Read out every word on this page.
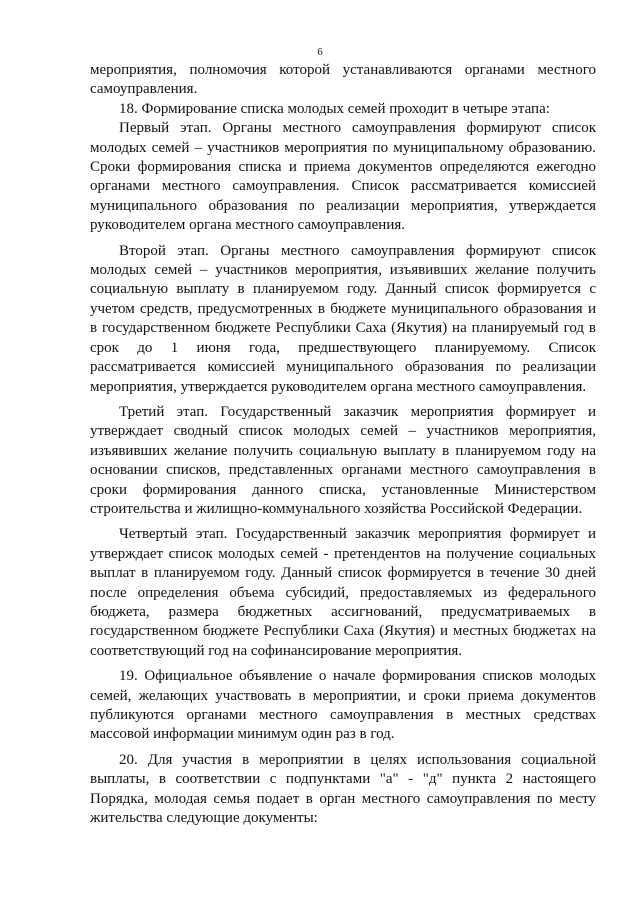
6

мероприятия, полномочия которой устанавливаются органами местного самоуправления.

18. Формирование списка молодых семей проходит в четыре этапа:

Первый этап. Органы местного самоуправления формируют список молодых семей – участников мероприятия по муниципальному образованию. Сроки формирования списка и приема документов определяются ежегодно органами местного самоуправления. Список рассматривается комиссией муниципального образования по реализации мероприятия, утверждается руководителем органа местного самоуправления.

Второй этап. Органы местного самоуправления формируют список молодых семей – участников мероприятия, изъявивших желание получить социальную выплату в планируемом году. Данный список формируется с учетом средств, предусмотренных в бюджете муниципального образования и в государственном бюджете Республики Саха (Якутия) на планируемый год в срок до 1 июня года, предшествующего планируемому. Список рассматривается комиссией муниципального образования по реализации мероприятия, утверждается руководителем органа местного самоуправления.

Третий этап. Государственный заказчик мероприятия формирует и утверждает сводный список молодых семей – участников мероприятия, изъявивших желание получить социальную выплату в планируемом году на основании списков, представленных органами местного самоуправления в сроки формирования данного списка, установленные Министерством строительства и жилищно-коммунального хозяйства Российской Федерации.

Четвертый этап. Государственный заказчик мероприятия формирует и утверждает список молодых семей - претендентов на получение социальных выплат в планируемом году. Данный список формируется в течение 30 дней после определения объема субсидий, предоставляемых из федерального бюджета, размера бюджетных ассигнований, предусматриваемых в государственном бюджете Республики Саха (Якутия) и местных бюджетах на соответствующий год на софинансирование мероприятия.

19. Официальное объявление о начале формирования списков молодых семей, желающих участвовать в мероприятии, и сроки приема документов публикуются органами местного самоуправления в местных средствах массовой информации минимум один раз в год.

20. Для участия в мероприятии в целях использования социальной выплаты, в соответствии с подпунктами "а" - "д" пункта 2 настоящего Порядка, молодая семья подает в орган местного самоуправления по месту жительства следующие документы:
